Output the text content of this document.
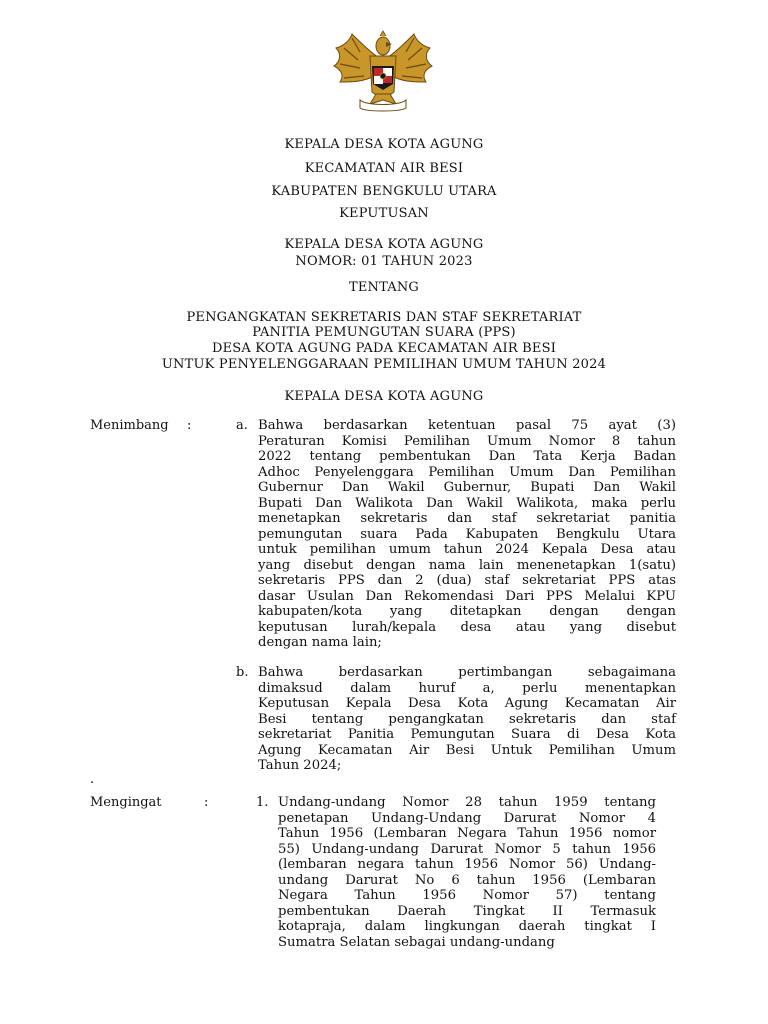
KEPALA DESA KOTA AGUNG
KECAMATAN AIR BESI
KABUPATEN BENGKULU UTARA
KEPUTUSAN
KEPALA DESA KOTA AGUNG
NOMOR: 01 TAHUN 2023
TENTANG
PENGANGKATAN SEKRETARIS DAN STAF SEKRETARIAT
PANITIA PEMUNGUTAN SUARA (PPS)
DESA KOTA AGUNG PADA KECAMATAN AIR BESI
UNTUK PENYELENGGARAAN PEMILIHAN UMUM TAHUN 2024
KEPALA DESA KOTA AGUNG
Menimbang :	a. Bahwa berdasarkan ketentuan pasal 75 ayat (3)
Peraturan Komisi Pemilihan Umum Nomor 8 tahun
2022 tentang pembentukan Dan Tata Kerja Badan
Adhoc Penyelenggara Pemilihan Umum Dan Pemilihan
Gubernur Dan Wakil Gubernur, Bupati Dan Wakil
Bupati Dan Walikota Dan Wakil Walikota, maka perlu
menetapkan sekretaris dan staf sekretariat panitia
pemungutan suara Pada Kabupaten Bengkulu Utara
untuk pemilihan umum tahun 2024 Kepala Desa atau
yang disebut dengan nama lain menenetapkan 1(satu)
sekretaris PPS dan 2 (dua) staf sekretariat PPS atas
dasar Usulan Dan Rekomendasi Dari PPS Melalui KPU
kabupaten/kota yang ditetapkan dengan dengan
keputusan lurah/kepala desa atau yang disebut
dengan nama lain;
b. Bahwa berdasarkan pertimbangan sebagaimana
dimaksud dalam huruf a, perlu menentapkan
Keputusan Kepala Desa Kota Agung Kecamatan Air
Besi tentang pengangkatan sekretaris dan staf
sekretariat Panitia Pemungutan Suara di Desa Kota
Agung Kecamatan Air Besi Untuk Pemilihan Umum
Tahun 2024;
.
Mengingat	:	1. Undang-undang Nomor 28 tahun 1959 tentang
penetapan Undang-Undang Darurat Nomor 4
Tahun 1956 (Lembaran Negara Tahun 1956 nomor
55) Undang-undang Darurat Nomor 5 tahun 1956
(lembaran negara tahun 1956 Nomor 56) Undang-
undang Darurat No 6 tahun 1956 (Lembaran
Negara Tahun 1956 Nomor 57) tentang
pembentukan Daerah Tingkat II Termasuk
kotapraja, dalam lingkungan daerah tingkat I
Sumatra Selatan sebagai undang-undang
